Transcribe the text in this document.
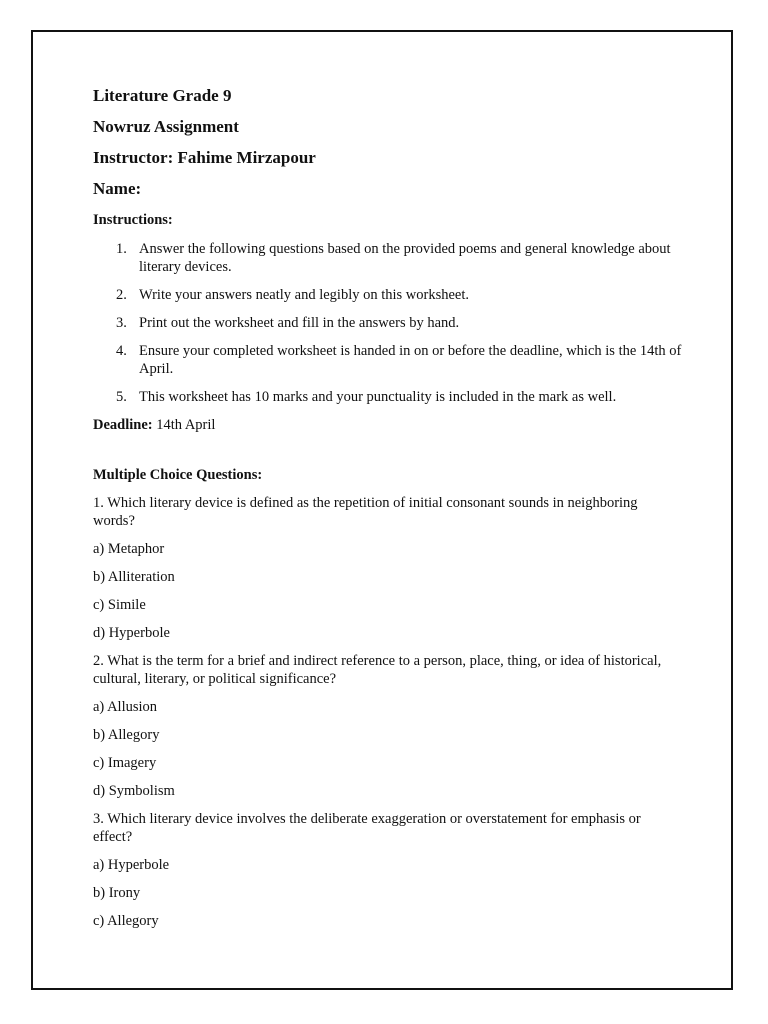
Literature Grade 9
Nowruz Assignment
Instructor: Fahime Mirzapour
Name:
Instructions:
1. Answer the following questions based on the provided poems and general knowledge about literary devices.
2. Write your answers neatly and legibly on this worksheet.
3. Print out the worksheet and fill in the answers by hand.
4. Ensure your completed worksheet is handed in on or before the deadline, which is the 14th of April.
5. This worksheet has 10 marks and your punctuality is included in the mark as well.
Deadline: 14th April
Multiple Choice Questions:
1. Which literary device is defined as the repetition of initial consonant sounds in neighboring words?
a) Metaphor
b) Alliteration
c) Simile
d) Hyperbole
2. What is the term for a brief and indirect reference to a person, place, thing, or idea of historical, cultural, literary, or political significance?
a) Allusion
b) Allegory
c) Imagery
d) Symbolism
3. Which literary device involves the deliberate exaggeration or overstatement for emphasis or effect?
a) Hyperbole
b) Irony
c) Allegory
